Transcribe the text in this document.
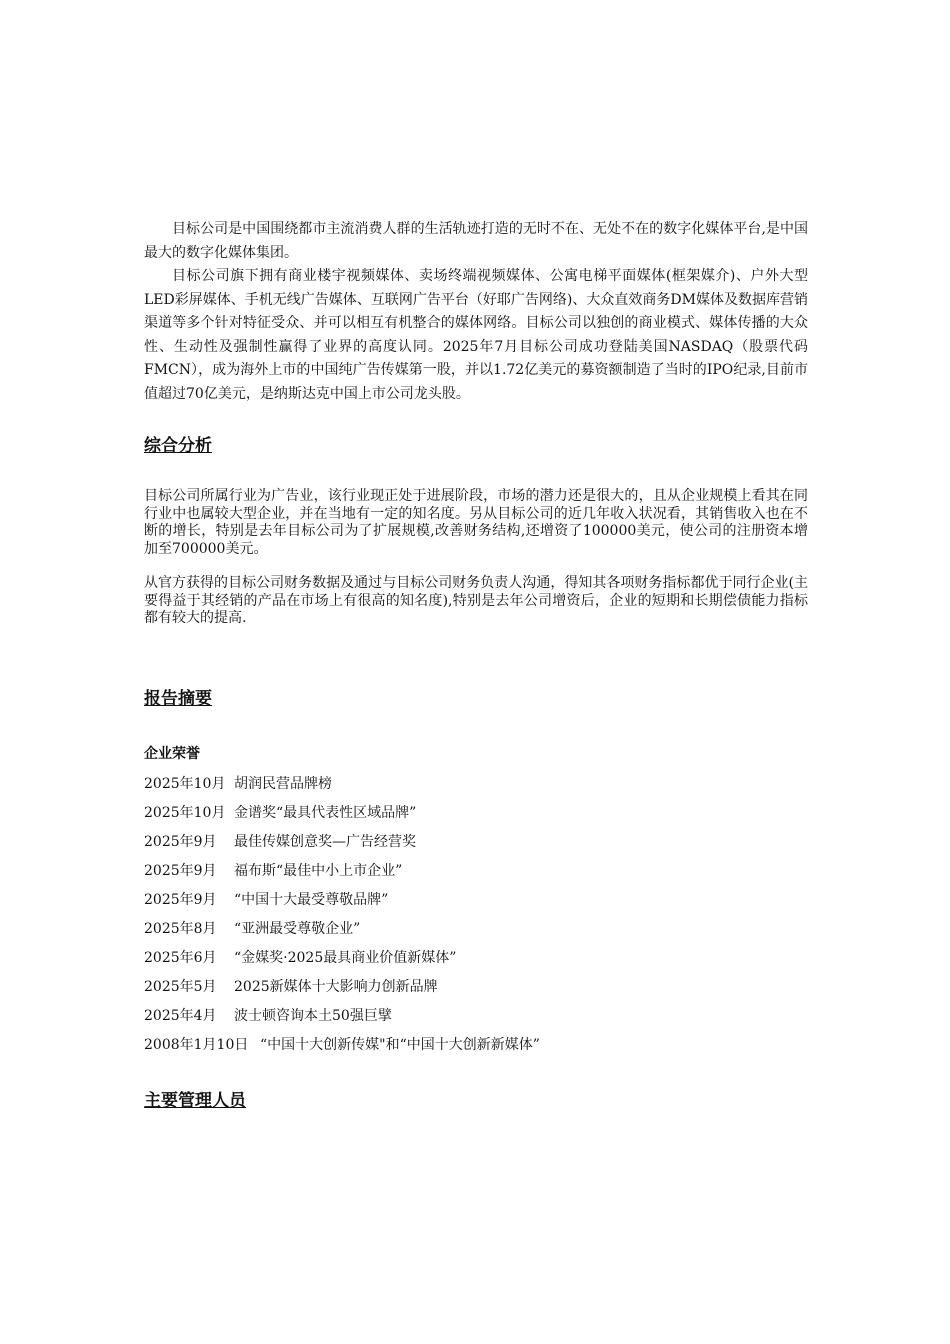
目标公司是中国围绕都市主流消费人群的生活轨迹打造的无时不在、无处不在的数字化媒体平台,是中国最大的数字化媒体集团。

目标公司旗下拥有商业楼宇视频媒体、卖场终端视频媒体、公寓电梯平面媒体(框架媒介)、户外大型LED彩屏媒体、手机无线广告媒体、互联网广告平台（好耶广告网络)、大众直效商务DM媒体及数据库营销渠道等多个针对特征受众、并可以相互有机整合的媒体网络。目标公司以独创的商业模式、媒体传播的大众性、生动性及强制性赢得了业界的高度认同。2025年7月目标公司成功登陆美国NASDAQ（股票代码FMCN），成为海外上市的中国纯广告传媒第一股，并以1.72亿美元的募资额制造了当时的IPO纪录,目前市值超过70亿美元，是纳斯达克中国上市公司龙头股。

综合分析

目标公司所属行业为广告业，该行业现正处于进展阶段，市场的潜力还是很大的，且从企业规模上看其在同行业中也属较大型企业，并在当地有一定的知名度。另从目标公司的近几年收入状况看，其销售收入也在不断的增长，特别是去年目标公司为了扩展规模,改善财务结构,还增资了100000美元，使公司的注册资本增加至700000美元。

从官方获得的目标公司财务数据及通过与目标公司财务负责人沟通，得知其各项财务指标都优于同行企业(主要得益于其经销的产品在市场上有很高的知名度),特别是去年公司增资后，企业的短期和长期偿债能力指标都有较大的提高.

报告摘要
企业荣誉
2025年10月 胡润民营品牌榜
2025年10月 金谱奖“最具代表性区域品牌”
2025年9月 最佳传媒创意奖—广告经营奖
2025年9月 福布斯“最佳中小上市企业”
2025年9月 “中国十大最受尊敬品牌”
2025年8月 “亚洲最受尊敬企业”
2025年6月 “金媒奖·2025最具商业价值新媒体”
2025年5月 2025新媒体十大影响力创新品牌
2025年4月 波士顿咨询本土50强巨擘
2008年1月10日 “中国十大创新传媒"和“中国十大创新新媒体”
主要管理人员
